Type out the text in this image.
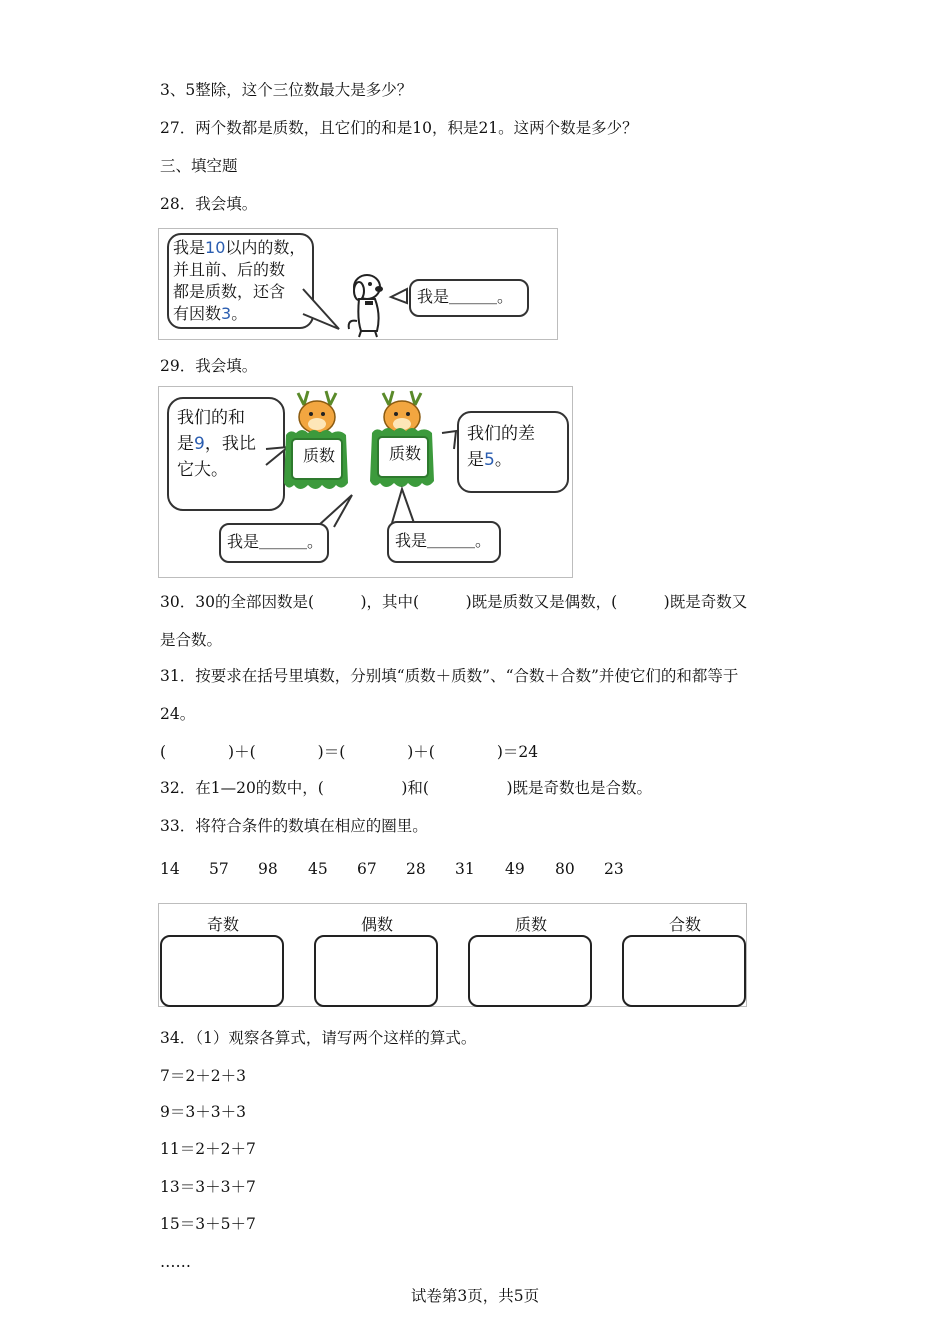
3、5整除，这个三位数最大是多少？
27．两个数都是质数，且它们的和是10，积是21。这两个数是多少？
三、填空题
28．我会填。
我是10以内的数，
并且前、后的数
都是质数，还含
有因数3。
我是＿＿＿。
29．我会填。
我们的和
是9，我比
它大。
质数	质数
我们的差
是5。
我是＿＿＿。	我是＿＿＿。
30．30的全部因数是(　　　)，其中(　　　)既是质数又是偶数，(　　　)既是奇数又
是合数。
31．按要求在括号里填数，分别填“质数＋质数”、“合数＋合数”并使它们的和都等于
24。
(　　　　)＋(　　　　)＝(　　　　)＋(　　　　)＝24
32．在1—20的数中，(　　　　　)和(　　　　　)既是奇数也是合数。
33．将符合条件的数填在相应的圈里。
14 57 98 45 67 28 31 49 80 23
奇数	偶数	质数	合数
34．（1）观察各算式，请写两个这样的算式。
7＝2＋2＋3
9＝3＋3＋3
11＝2＋2＋7
13＝3＋3＋7
15＝3＋5＋7
……
试卷第3页，共5页
